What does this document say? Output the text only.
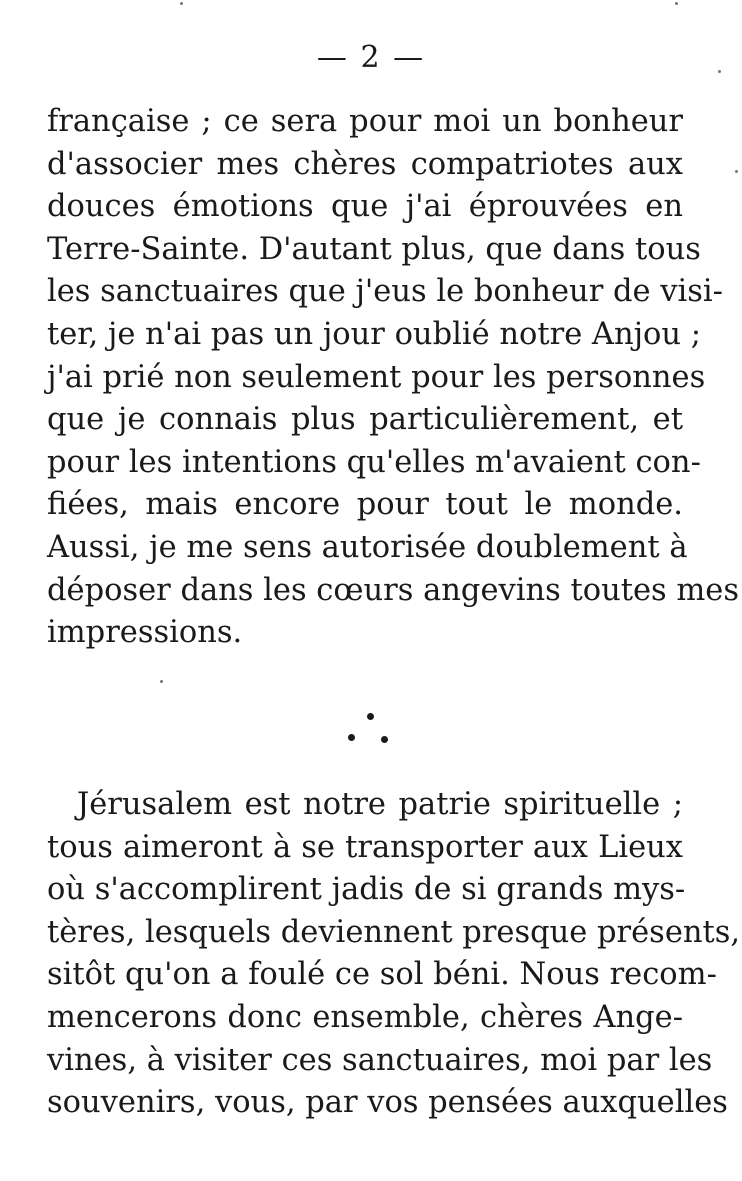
— 2 —

française ; ce sera pour moi un bonheur
d'associer mes chères compatriotes aux
douces émotions que j'ai éprouvées en
Terre-Sainte. D'autant plus, que dans tous
les sanctuaires que j'eus le bonheur de visi-
ter, je n'ai pas un jour oublié notre Anjou ;
j'ai prié non seulement pour les personnes
que je connais plus particulièrement, et
pour les intentions qu'elles m'avaient con-
fiées, mais encore pour tout le monde.
Aussi, je me sens autorisée doublement à
déposer dans les cœurs angevins toutes mes
impressions.

Jérusalem est notre patrie spirituelle ;
tous aimeront à se transporter aux Lieux
où s'accomplirent jadis de si grands mys-
tères, lesquels deviennent presque présents,
sitôt qu'on a foulé ce sol béni. Nous recom-
mencerons donc ensemble, chères Ange-
vines, à visiter ces sanctuaires, moi par les
souvenirs, vous, par vos pensées auxquelles
